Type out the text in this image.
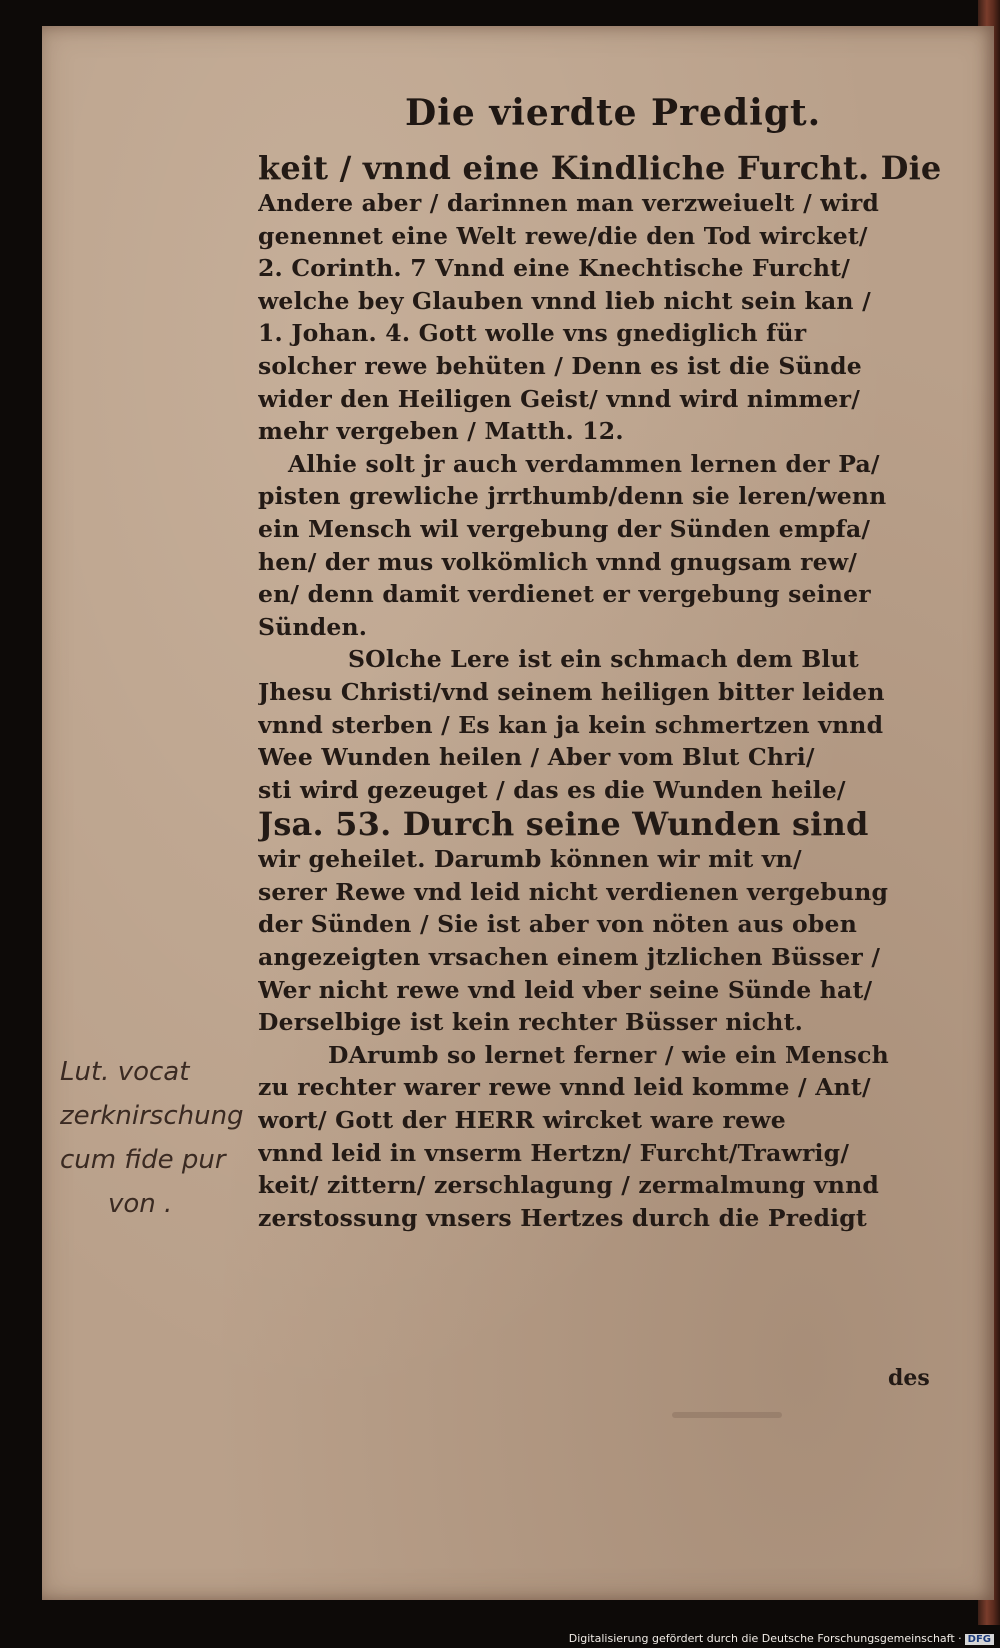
Die vierdte Predigt.
keit / vnnd eine Kindliche Furcht. Die
Andere aber / darinnen man verzweiuelt / wird
genennet eine Welt rewe/die den Tod wircket/
2. Corinth. 7 Vnnd eine Knechtische Furcht/
welche bey Glauben vnnd lieb nicht sein kan /
1. Johan. 4. Gott wolle vns gnediglich für
solcher rewe behüten / Denn es ist die Sünde
wider den Heiligen Geist/ vnnd wird nimmer/
mehr vergeben / Matth. 12.
Alhie solt jr auch verdammen lernen der Pa/
pisten grewliche jrrthumb/denn sie leren/wenn
ein Mensch wil vergebung der Sünden empfa/
hen/ der mus volkömlich vnnd gnugsam rew/
en/ denn damit verdienet er vergebung seiner
Sünden.
SOlche Lere ist ein schmach dem Blut
Jhesu Christi/vnd seinem heiligen bitter leiden
vnnd sterben / Es kan ja kein schmertzen vnnd
Wee Wunden heilen / Aber vom Blut Chri/
sti wird gezeuget / das es die Wunden heile/
Jsa. 53. Durch seine Wunden sind
wir geheilet. Darumb können wir mit vn/
serer Rewe vnd leid nicht verdienen vergebung
der Sünden / Sie ist aber von nöten aus oben
angezeigten vrsachen einem jtzlichen Büsser /
Wer nicht rewe vnd leid vber seine Sünde hat/
Derselbige ist kein rechter Büsser nicht.
DArumb so lernet ferner / wie ein Mensch
zu rechter warer rewe vnnd leid komme / Ant/
wort/ Gott der HERR wircket ware rewe
vnnd leid in vnserm Hertzn/ Furcht/Trawrig/
keit/ zittern/ zerschlagung / zermalmung vnnd
zerstossung vnsers Hertzes durch die Predigt
des
Lut. vocat
zerknirschung
cum fide pur
von .
Digitalisierung gefördert durch die Deutsche Forschungsgemeinschaft · DFG
